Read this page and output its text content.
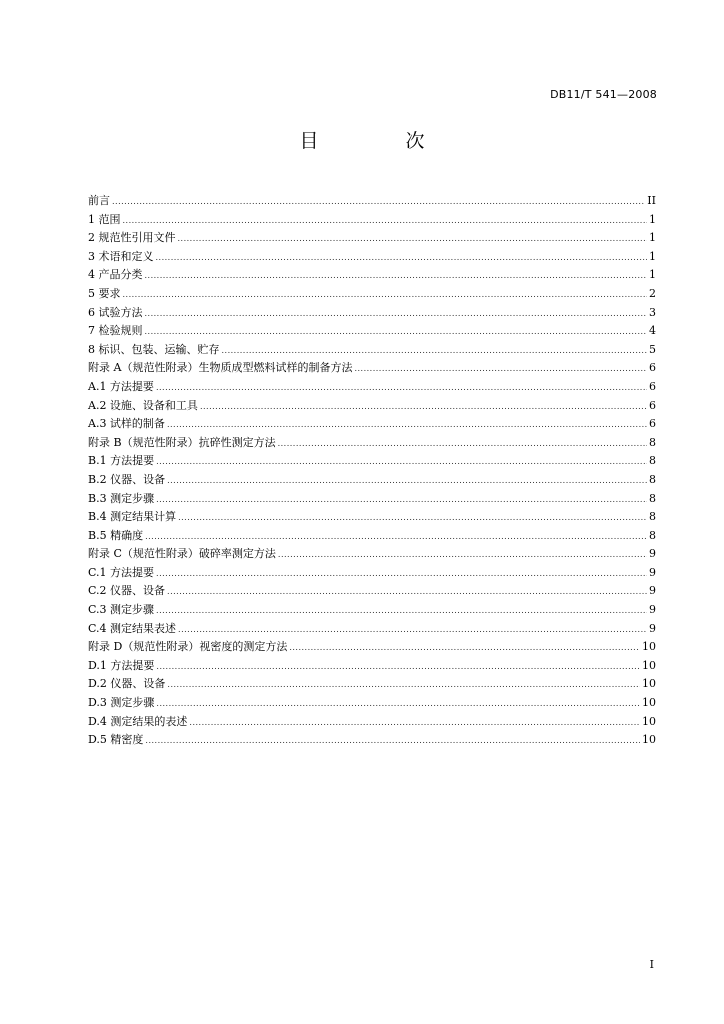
DB11/T 541—2008
目　次
前言 .....	II
1 范围 .....	1
2 规范性引用文件 .....	1
3 术语和定义 .....	1
4 产品分类 .....	1
5 要求 .....	2
6 试验方法 .....	3
7 检验规则 .....	4
8 标识、包装、运输、贮存 .....	5
附录 A（规范性附录）生物质成型燃料试样的制备方法 .....	6
A.1 方法提要 .....	6
A.2 设施、设备和工具 .....	6
A.3 试样的制备 .....	6
附录 B（规范性附录）抗碎性测定方法 .....	8
B.1 方法提要 .....	8
B.2 仪器、设备 .....	8
B.3 测定步骤 .....	8
B.4 测定结果计算 .....	8
B.5 精确度 .....	8
附录 C（规范性附录）破碎率测定方法 .....	9
C.1 方法提要 .....	9
C.2 仪器、设备 .....	9
C.3 测定步骤 .....	9
C.4 测定结果表述 .....	9
附录 D（规范性附录）视密度的测定方法 .....	10
D.1 方法提要 .....	10
D.2 仪器、设备 .....	10
D.3 测定步骤 .....	10
D.4 测定结果的表述 .....	10
D.5 精密度 .....	10
I
